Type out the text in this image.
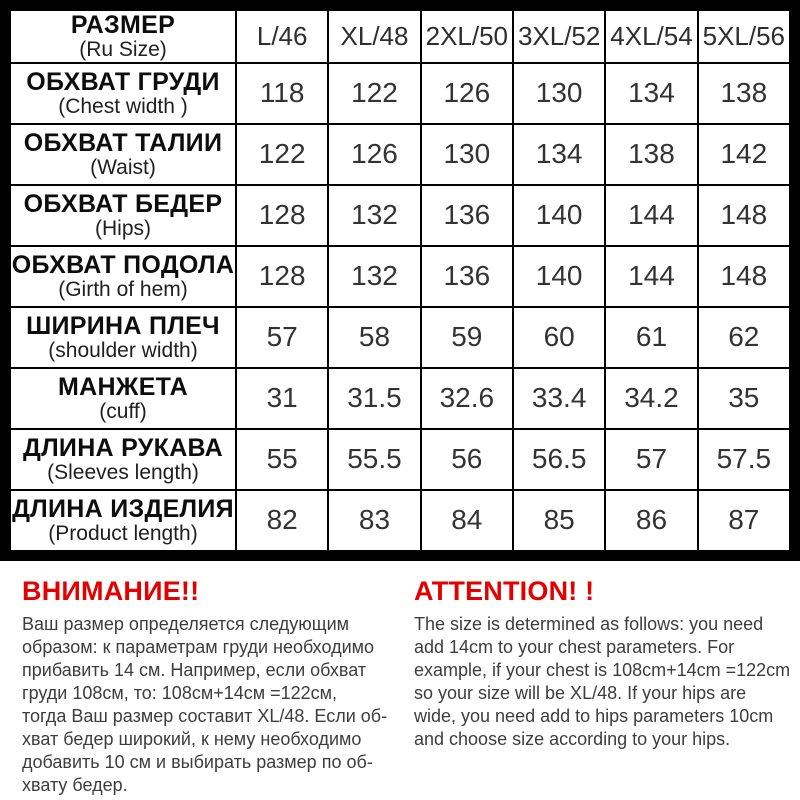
РАЗМЕР
(Ru Size)	L/46	XL/48	2XL/50	3XL/52	4XL/54	5XL/56

ОБХВАТ ГРУДИ
(Chest width )	118	122	126	130	134	138

ОБХВАТ ТАЛИИ
(Waist)	122	126	130	134	138	142

ОБХВАТ БЕДЕР
(Hips)	128	132	136	140	144	148

ОБХВАТ ПОДОЛА
(Girth of hem)	128	132	136	140	144	148

ШИРИНА ПЛЕЧ
(shoulder width)	57	58	59	60	61	62

МАНЖЕТА
(cuff)	31	31.5	32.6	33.4	34.2	35

ДЛИНА РУКАВА
(Sleeves length)	55	55.5	56	56.5	57	57.5

ДЛИНА ИЗДЕЛИЯ
(Product length)	82	83	84	85	86	87
ВНИМАНИЕ!!
Ваш размер определяется следующим
образом: к параметрам груди необходимо
прибавить 14 см. Например, если обхват
груди 108см, то: 108см+14см =122см,
тогда Ваш размер составит XL/48. Если об-
хват бедер широкий, к нему необходимо
добавить 10 см и выбирать размер по об-
хвату бедер.
ATTENTION! !
The size is determined as follows: you need
add 14cm to your chest parameters. For
example, if your chest is 108cm+14cm =122cm
so your size will be XL/48. If your hips are
wide, you need add to hips parameters 10cm
and choose size according to your hips.
